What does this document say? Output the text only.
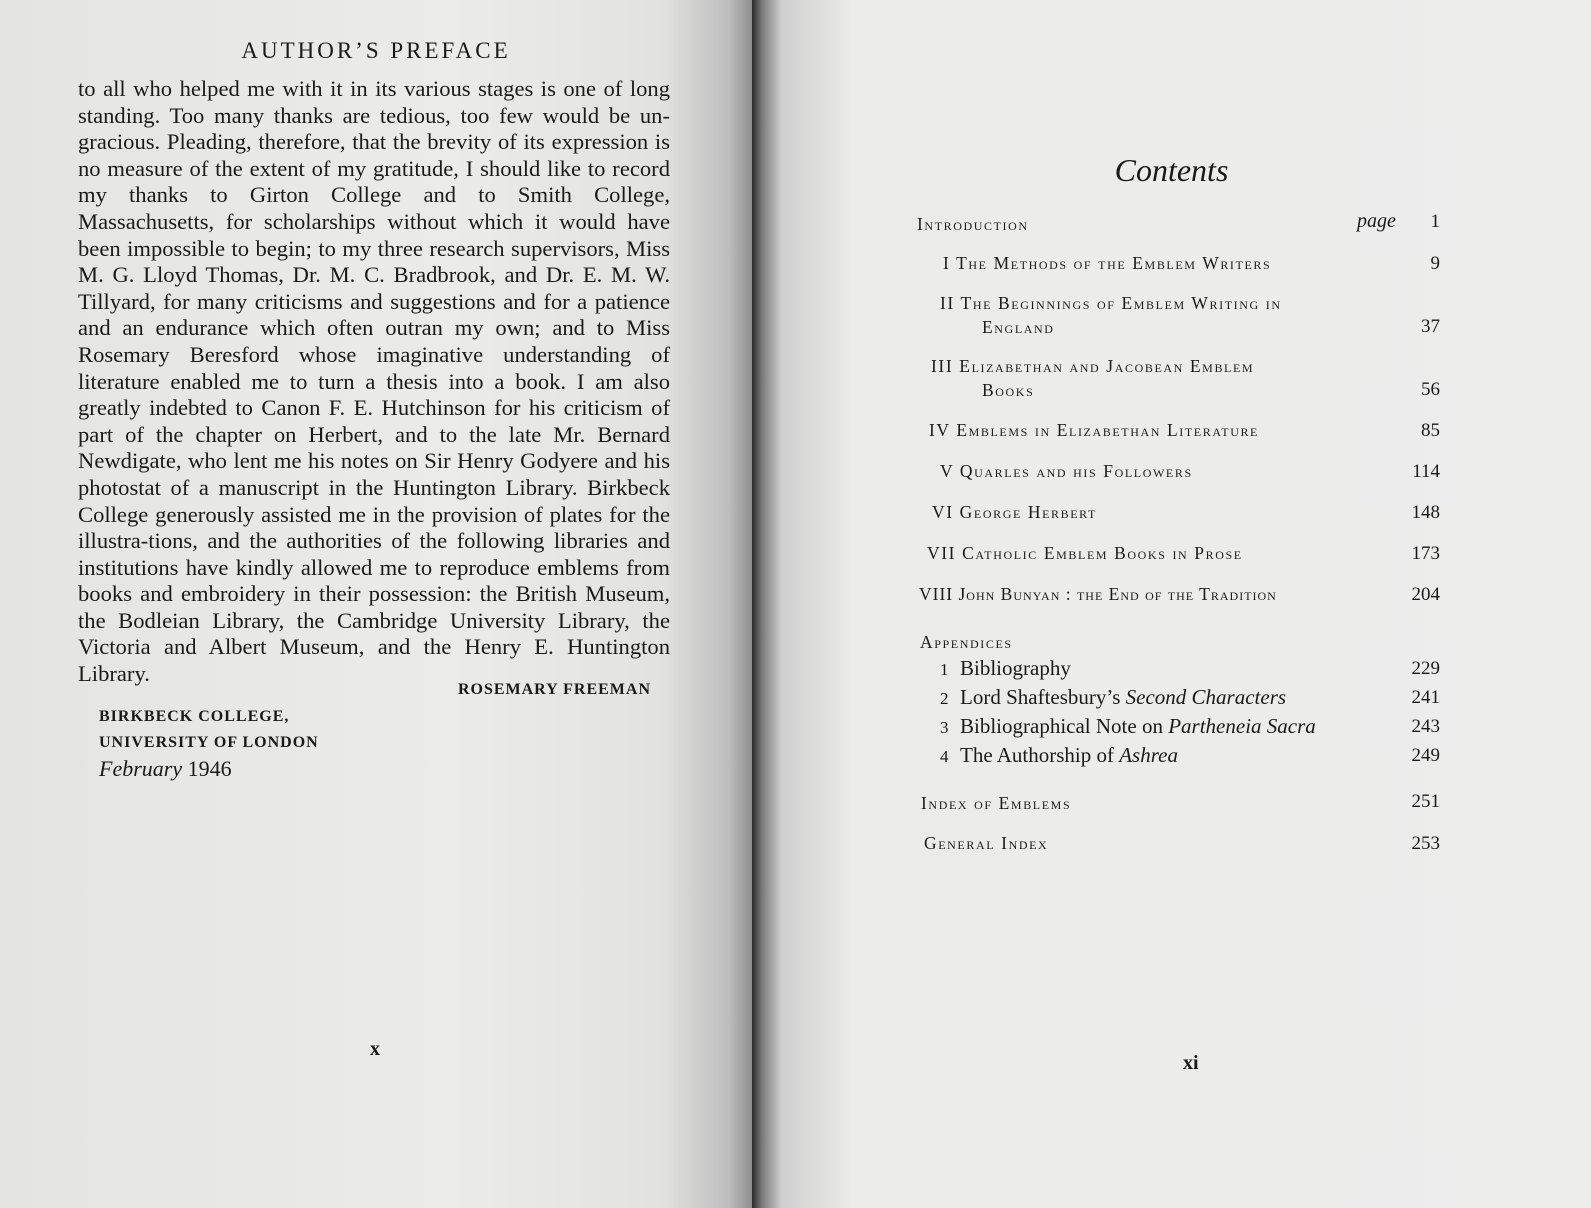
AUTHOR’S PREFACE

to all who helped me with it in its various stages is one of long standing. Too many thanks are tedious, too few would be un-gracious. Pleading, therefore, that the brevity of its expression is no measure of the extent of my gratitude, I should like to record my thanks to Girton College and to Smith College, Massachusetts, for scholarships without which it would have been impossible to begin; to my three research supervisors, Miss M. G. Lloyd Thomas, Dr. M. C. Bradbrook, and Dr. E. M. W. Tillyard, for many criticisms and suggestions and for a patience and an endurance which often outran my own; and to Miss Rosemary Beresford whose imaginative understanding of literature enabled me to turn a thesis into a book. I am also greatly indebted to Canon F. E. Hutchinson for his criticism of part of the chapter on Herbert, and to the late Mr. Bernard Newdigate, who lent me his notes on Sir Henry Godyere and his photostat of a manuscript in the Huntington Library. Birkbeck College generously assisted me in the provision of plates for the illustra-tions, and the authorities of the following libraries and institutions have kindly allowed me to reproduce emblems from books and embroidery in their possession: the British Museum, the Bodleian Library, the Cambridge University Library, the Victoria and Albert Museum, and the Henry E. Huntington Library.

ROSEMARY FREEMAN
BIRKBECK COLLEGE,
UNIVERSITY OF LONDON
February 1946
x
Contents
page
Introduction	1
I The Methods of the Emblem Writers	9
II The Beginnings of Emblem Writing in
England	37
III Elizabethan and Jacobean Emblem
Books	56
IV Emblems in Elizabethan Literature	85
V Quarles and his Followers	114
VI George Herbert	148
VII Catholic Emblem Books in Prose	173
VIII John Bunyan : the End of the Tradition	204
Appendices
1 Bibliography	229
2 Lord Shaftesbury’s Second Characters	241
3 Bibliographical Note on Partheneia Sacra	243
4 The Authorship of Ashrea	249
Index of Emblems	251
General Index	253
xi
